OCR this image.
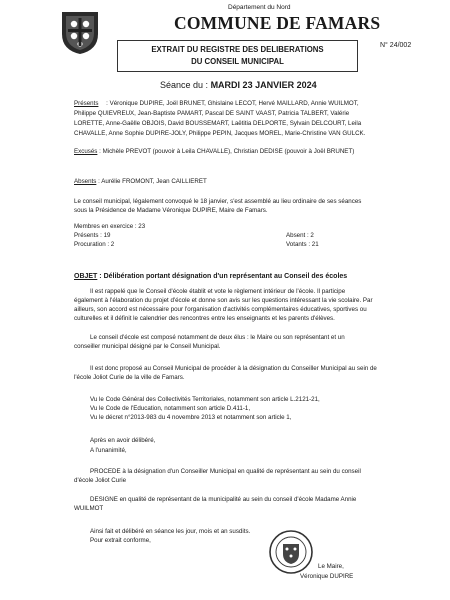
Département du Nord
COMMUNE DE FAMARS
EXTRAIT DU REGISTRE DES DELIBERATIONS
DU CONSEIL MUNICIPAL
N° 24/002
Séance du : MARDI 23 JANVIER 2024
Présents : Véronique DUPIRE, Joël BRUNET, Ghislaine LECOT, Hervé MAILLARD, Annie WUILMOT,
Philippe QUIEVREUX, Jean-Baptiste PAMART, Pascal DE SAINT VAAST, Patricia TALBERT, Valérie
LORETTE, Anne-Gaëlle OBJOIS, David BOUSSEMART, Laëtitia DELPORTE, Sylvain DELCOURT, Leila
CHAVALLE, Anne Sophie DUPIRE-JOLY, Philippe PEPIN, Jacques MOREL, Marie-Christine VAN GULCK.
Excusés : Michèle PREVOT (pouvoir à Leila CHAVALLE), Christian DEDISE (pouvoir à Joël BRUNET)
Absents : Aurélie FROMONT, Jean CAILLIERET
Le conseil municipal, légalement convoqué le 18 janvier, s'est assemblé au lieu ordinaire de ses séances
sous la Présidence de Madame Véronique DUPIRE, Maire de Famars.
Membres en exercice : 23
Présents : 19	Absent : 2
Procuration : 2	Votants : 21
OBJET : Délibération portant désignation d'un représentant au Conseil des écoles
Il est rappelé que le Conseil d'école établit et vote le règlement intérieur de l'école. Il participe
également à l'élaboration du projet d'école et donne son avis sur les questions intéressant la vie scolaire. Par
ailleurs, son accord est nécessaire pour l'organisation d'activités complémentaires éducatives, sportives ou
culturelles et il définit le calendrier des rencontres entre les enseignants et les parents d'élèves.
Le conseil d'école est composé notamment de deux élus : le Maire ou son représentant et un
conseiller municipal désigné par le Conseil Municipal.
Il est donc proposé au Conseil Municipal de procéder à la désignation du Conseiller Municipal au sein de
l'école Joliot Curie de la ville de Famars.
Vu le Code Général des Collectivités Territoriales, notamment son article L.2121-21,
Vu le Code de l'Education, notamment son article D.411-1,
Vu le décret n°2013-983 du 4 novembre 2013 et notamment son article 1,
Après en avoir délibéré,
A l'unanimité,
PROCEDE à la désignation d'un Conseiller Municipal en qualité de représentant au sein du conseil
d'école Joliot Curie
DESIGNE en qualité de représentant de la municipalité au sein du conseil d'école Madame Annie
WUILMOT
Ainsi fait et délibéré en séance les jour, mois et an susdits.
Pour extrait conforme,
Le Maire,
Véronique DUPIRE
